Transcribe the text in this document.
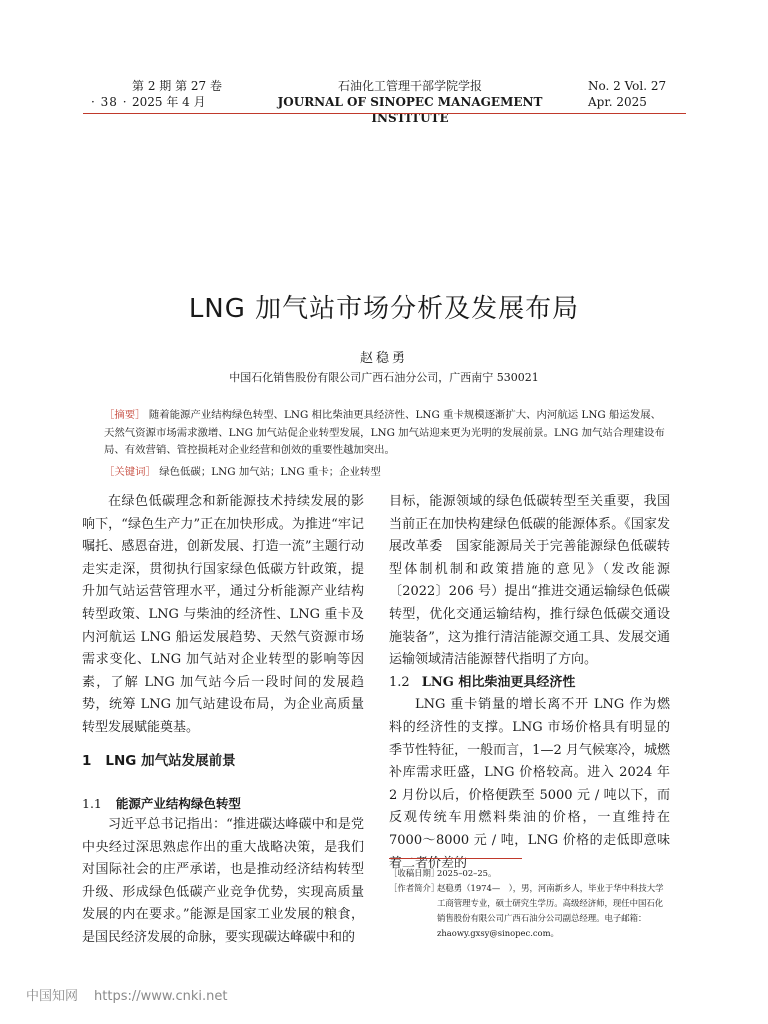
第 2 期 第 27 卷
2025 年 4 月
· 38 ·
石油化工管理干部学院学报
JOURNAL OF SINOPEC MANAGEMENT INSTITUTE
No. 2 Vol. 27
Apr. 2025
LNG 加气站市场分析及发展布局
赵稳勇
中国石化销售股份有限公司广西石油分公司，广西南宁 530021
［摘要］ 随着能源产业结构绿色转型、LNG 相比柴油更具经济性、LNG 重卡规模逐渐扩大、内河航运 LNG 船运发展、天然气资源市场需求激增、LNG 加气站促企业转型发展，LNG 加气站迎来更为光明的发展前景。LNG 加气站合理建设布局、有效营销、管控损耗对企业经营和创效的重要性越加突出。
［关键词］ 绿色低碳；LNG 加气站；LNG 重卡；企业转型

在绿色低碳理念和新能源技术持续发展的影响下，“绿色生产力”正在加快形成。为推进“牢记嘱托、感恩奋进，创新发展、打造一流”主题行动走实走深，贯彻执行国家绿色低碳方针政策，提升加气站运营管理水平，通过分析能源产业结构转型政策、LNG 与柴油的经济性、LNG 重卡及内河航运 LNG 船运发展趋势、天然气资源市场需求变化、LNG 加气站对企业转型的影响等因素，了解 LNG 加气站今后一段时间的发展趋势，统筹 LNG 加气站建设布局，为企业高质量转型发展赋能奠基。

1 LNG 加气站发展前景
1.1 能源产业结构绿色转型

习近平总书记指出：“推进碳达峰碳中和是党中央经过深思熟虑作出的重大战略决策，是我们对国际社会的庄严承诺，也是推动经济结构转型升级、形成绿色低碳产业竞争优势，实现高质量发展的内在要求。”能源是国家工业发展的粮食，是国民经济发展的命脉，要实现碳达峰碳中和的

目标，能源领域的绿色低碳转型至关重要，我国当前正在加快构建绿色低碳的能源体系。《国家发展改革委　国家能源局关于完善能源绿色低碳转型体制机制和政策措施的意见》（发改能源〔2022〕206 号）提出“推进交通运输绿色低碳转型，优化交通运输结构，推行绿色低碳交通设施装备”，这为推行清洁能源交通工具、发展交通运输领域清洁能源替代指明了方向。

1.2 LNG 相比柴油更具经济性

LNG 重卡销量的增长离不开 LNG 作为燃料的经济性的支撑。LNG 市场价格具有明显的季节性特征，一般而言，1—2 月气候寒冷，城燃补库需求旺盛，LNG 价格较高。进入 2024 年 2 月份以后，价格便跌至 5000 元 / 吨以下，而反观传统车用燃料柴油的价格，一直维持在 7000～8000 元 / 吨，LNG 价格的走低即意味着二者价差的

［收稿日期］
2025–02–25。
［作者简介］
赵稳勇（1974—　），男，河南新乡人，毕业于华中科技大学工商管理专业，硕士研究生学历。高级经济师，现任中国石化销售股份有限公司广西石油分公司副总经理。电子邮箱：zhaowy.gxsy@sinopec.com。
中国知网 https://www.cnki.net
